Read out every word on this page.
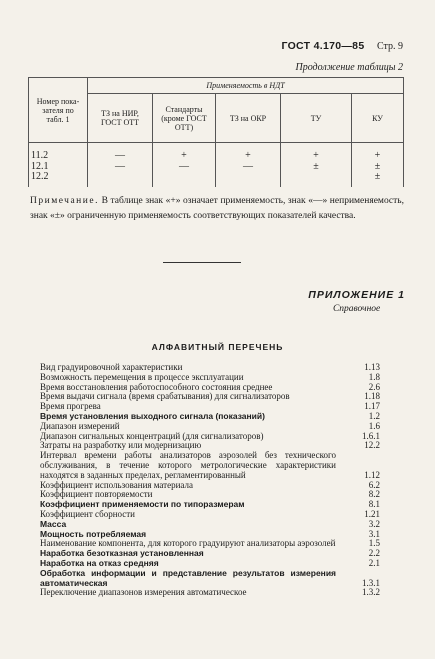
ГОСТ 4.170—85 Стр. 9
Продолжение таблицы 2
Номер пока-
зателя по
табл. 1	Применяемость в НДТ				

	ТЗ на НИР,
ГОСТ ОТТ	Стандарты
(кроме ГОСТ
ОТТ)	ТЗ на ОКР	ТУ	КУ

11.2	—	+	+	+	+
12.1	—	—	—	±	±
12.2					±
Примечание. В таблице знак «+» означает применяемость, знак «—» неприменяемость, знак «±» ограниченную применяемость соответствующих показателей качества.
ПРИЛОЖЕНИЕ 1
Справочное
АЛФАВИТНЫЙ ПЕРЕЧЕНЬ
Вид градуировочной характеристики	1.13
Возможность перемещения в процессе эксплуатации	1.8
Время восстановления работоспособного состояния среднее	2.6
Время выдачи сигнала (время срабатывания) для сигнализаторов	1.18
Время прогрева	1.17
Время установления выходного сигнала (показаний)	1.2
Диапазон измерений	1.6
Диапазон сигнальных концентраций (для сигнализаторов)	1.6.1
Затраты на разработку или модернизацию	12.2
Интервал времени работы анализаторов аэрозолей без технического обслуживания, в течение которого метрологические характеристики находятся в заданных пределах, регламентированный	1.12
Коэффициент использования материала	6.2
Коэффициент повторяемости	8.2
Коэффициент применяемости по типоразмерам	8.1
Коэффициент сборности	1.21
Масса	3.2
Мощность потребляемая	3.1
Наименование компонента, для которого градуируют анализаторы аэрозолей	1.5
Наработка безотказная установленная	2.2
Наработка на отказ средняя	2.1
Обработка информации и представление результатов измерения автоматическая	1.3.1
Переключение диапазонов измерения автоматическое	1.3.2
